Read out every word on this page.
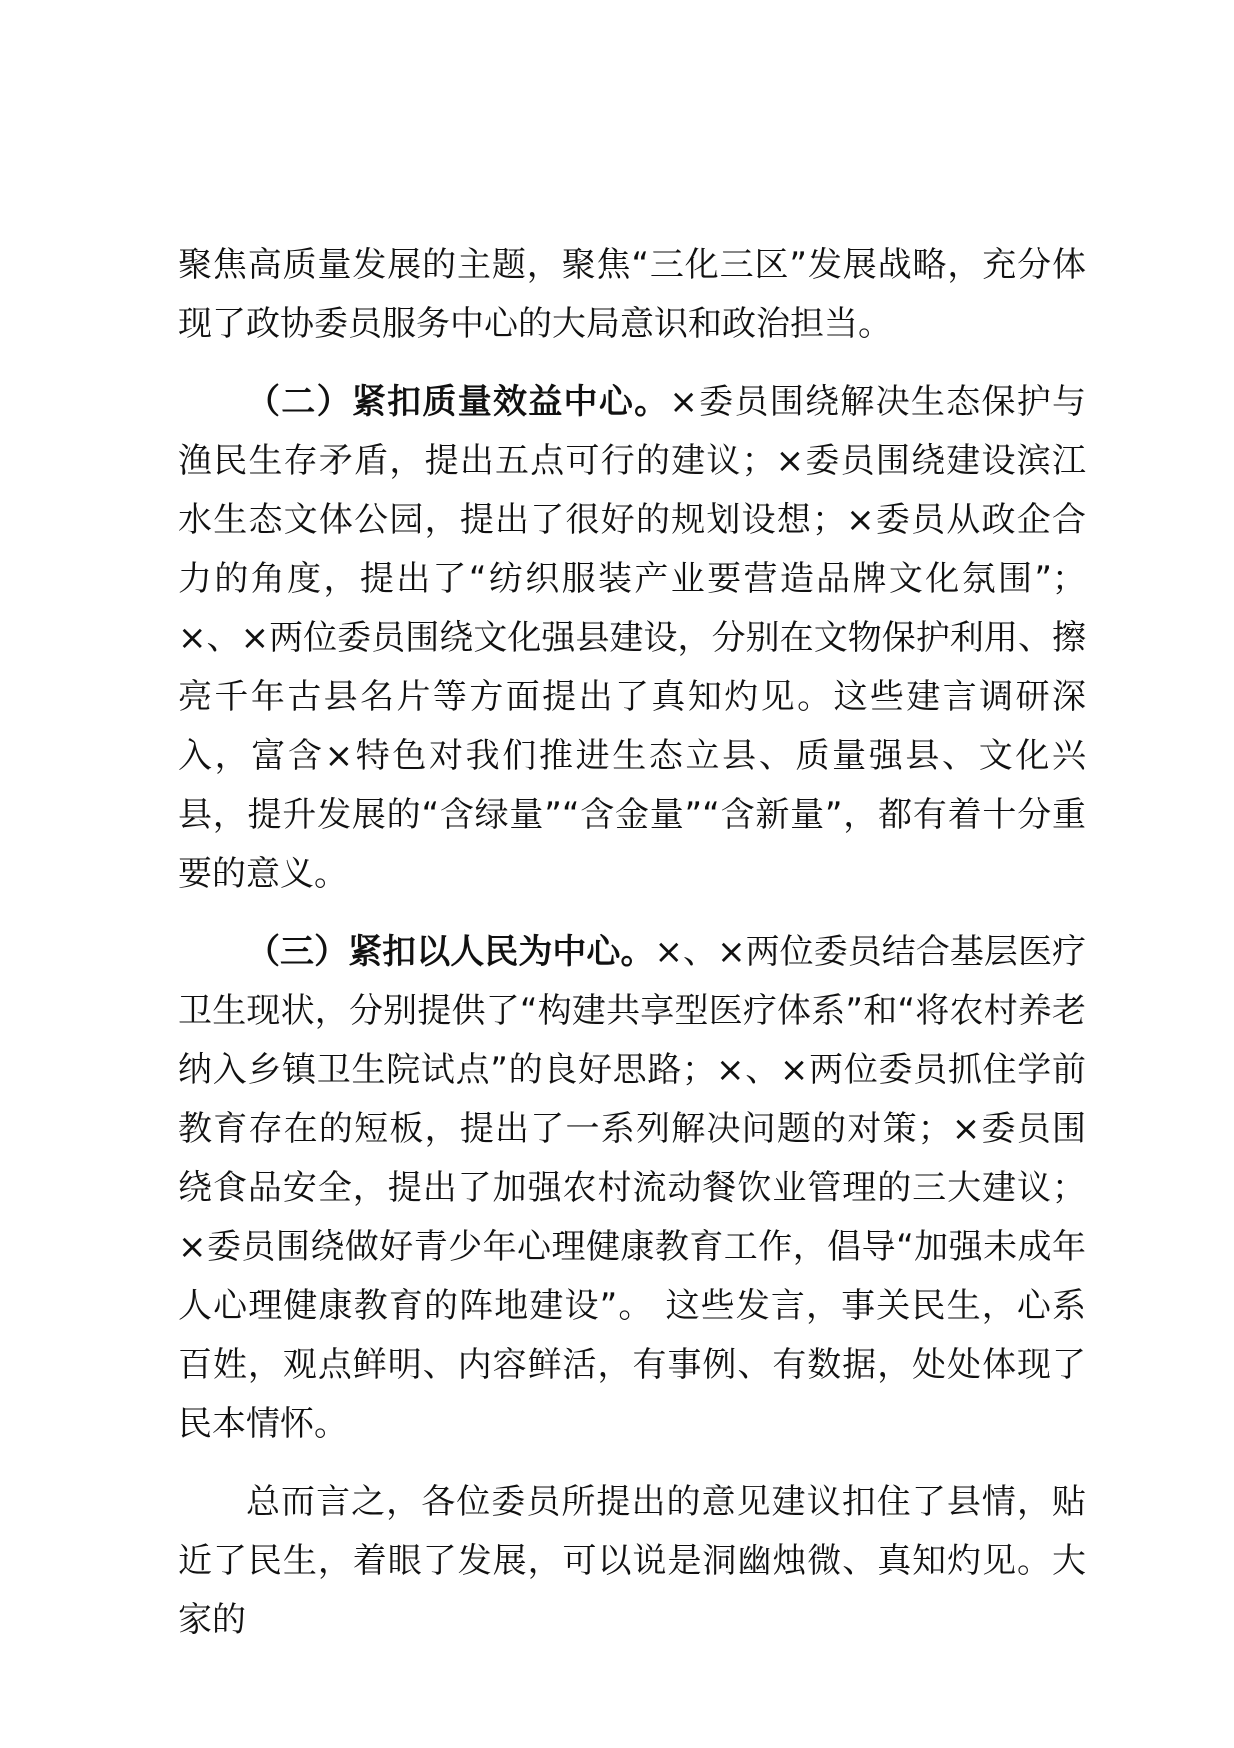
聚焦高质量发展的主题，聚焦“三化三区”发展战略，充分体现了政协委员服务中心的大局意识和政治担当。

（二）紧扣质量效益中心。×委员围绕解决生态保护与渔民生存矛盾，提出五点可行的建议；×委员围绕建设滨江水生态文体公园，提出了很好的规划设想；×委员从政企合力的角度，提出了“纺织服装产业要营造品牌文化氛围”；×、×两位委员围绕文化强县建设，分别在文物保护利用、擦亮千年古县名片等方面提出了真知灼见。这些建言调研深入，富含×特色对我们推进生态立县、质量强县、文化兴县，提升发展的“含绿量”“含金量”“含新量”，都有着十分重要的意义。

（三）紧扣以人民为中心。×、×两位委员结合基层医疗卫生现状，分别提供了“构建共享型医疗体系”和“将农村养老纳入乡镇卫生院试点”的良好思路；×、×两位委员抓住学前教育存在的短板，提出了一系列解决问题的对策；×委员围绕食品安全，提出了加强农村流动餐饮业管理的三大建议；×委员围绕做好青少年心理健康教育工作，倡导“加强未成年人心理健康教育的阵地建设”。 这些发言，事关民生，心系百姓，观点鲜明、内容鲜活，有事例、有数据，处处体现了民本情怀。

总而言之，各位委员所提出的意见建议扣住了县情，贴近了民生，着眼了发展，可以说是洞幽烛微、真知灼见。大家的
